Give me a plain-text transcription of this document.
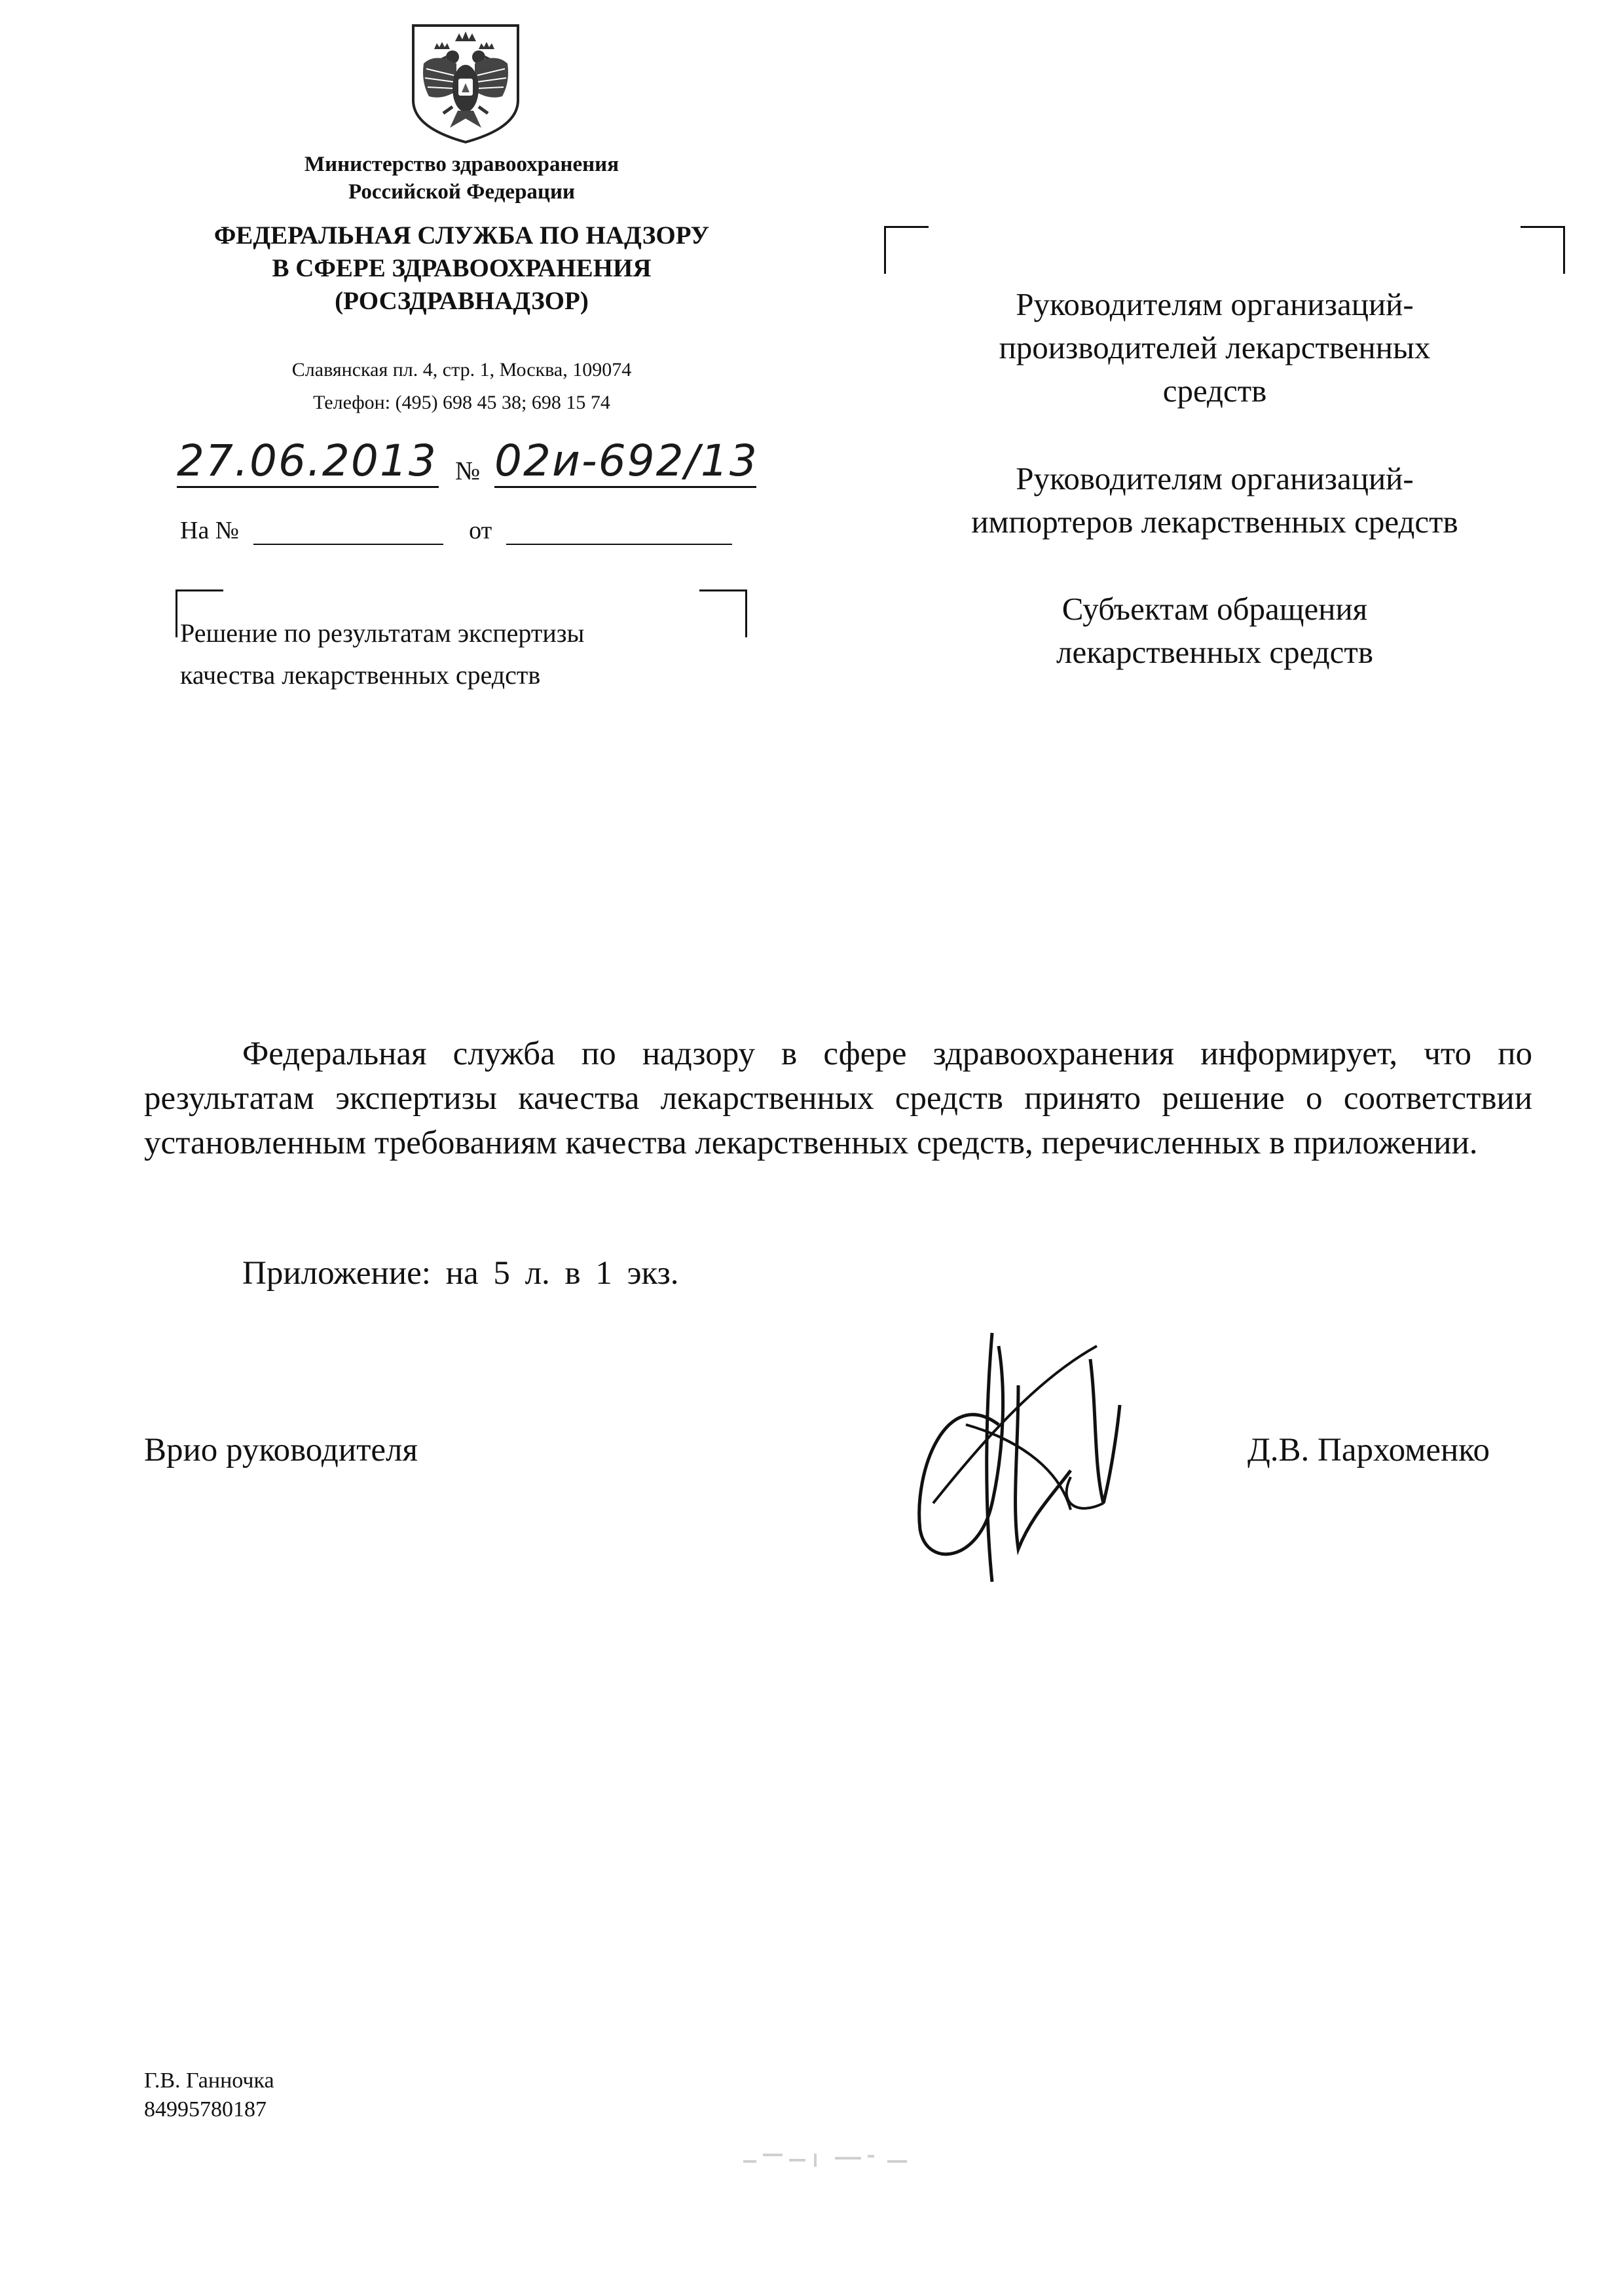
Министерство здравоохранения
Российской Федерации
ФЕДЕРАЛЬНАЯ СЛУЖБА ПО НАДЗОРУ
В СФЕРЕ ЗДРАВООХРАНЕНИЯ
(РОСЗДРАВНАДЗОР)
Славянская пл. 4, стр. 1, Москва, 109074
Телефон: (495) 698 45 38; 698 15 74
27.06.2013 № 02и-692/13
На №	от
Решение по результатам экспертизы
качества лекарственных средств
Руководителям организаций-
производителей лекарственных
средств
Руководителям организаций-
импортеров лекарственных средств
Субъектам обращения
лекарственных средств

Федеральная служба по надзору в сфере здравоохранения информирует, что по результатам экспертизы качества лекарственных средств принято решение о соответствии установленным требованиям качества лекарственных средств, перечисленных в приложении.

Приложение: на 5 л. в 1 экз.
Врио руководителя	Д.В. Пархоменко
Г.В. Ганночка
84995780187
